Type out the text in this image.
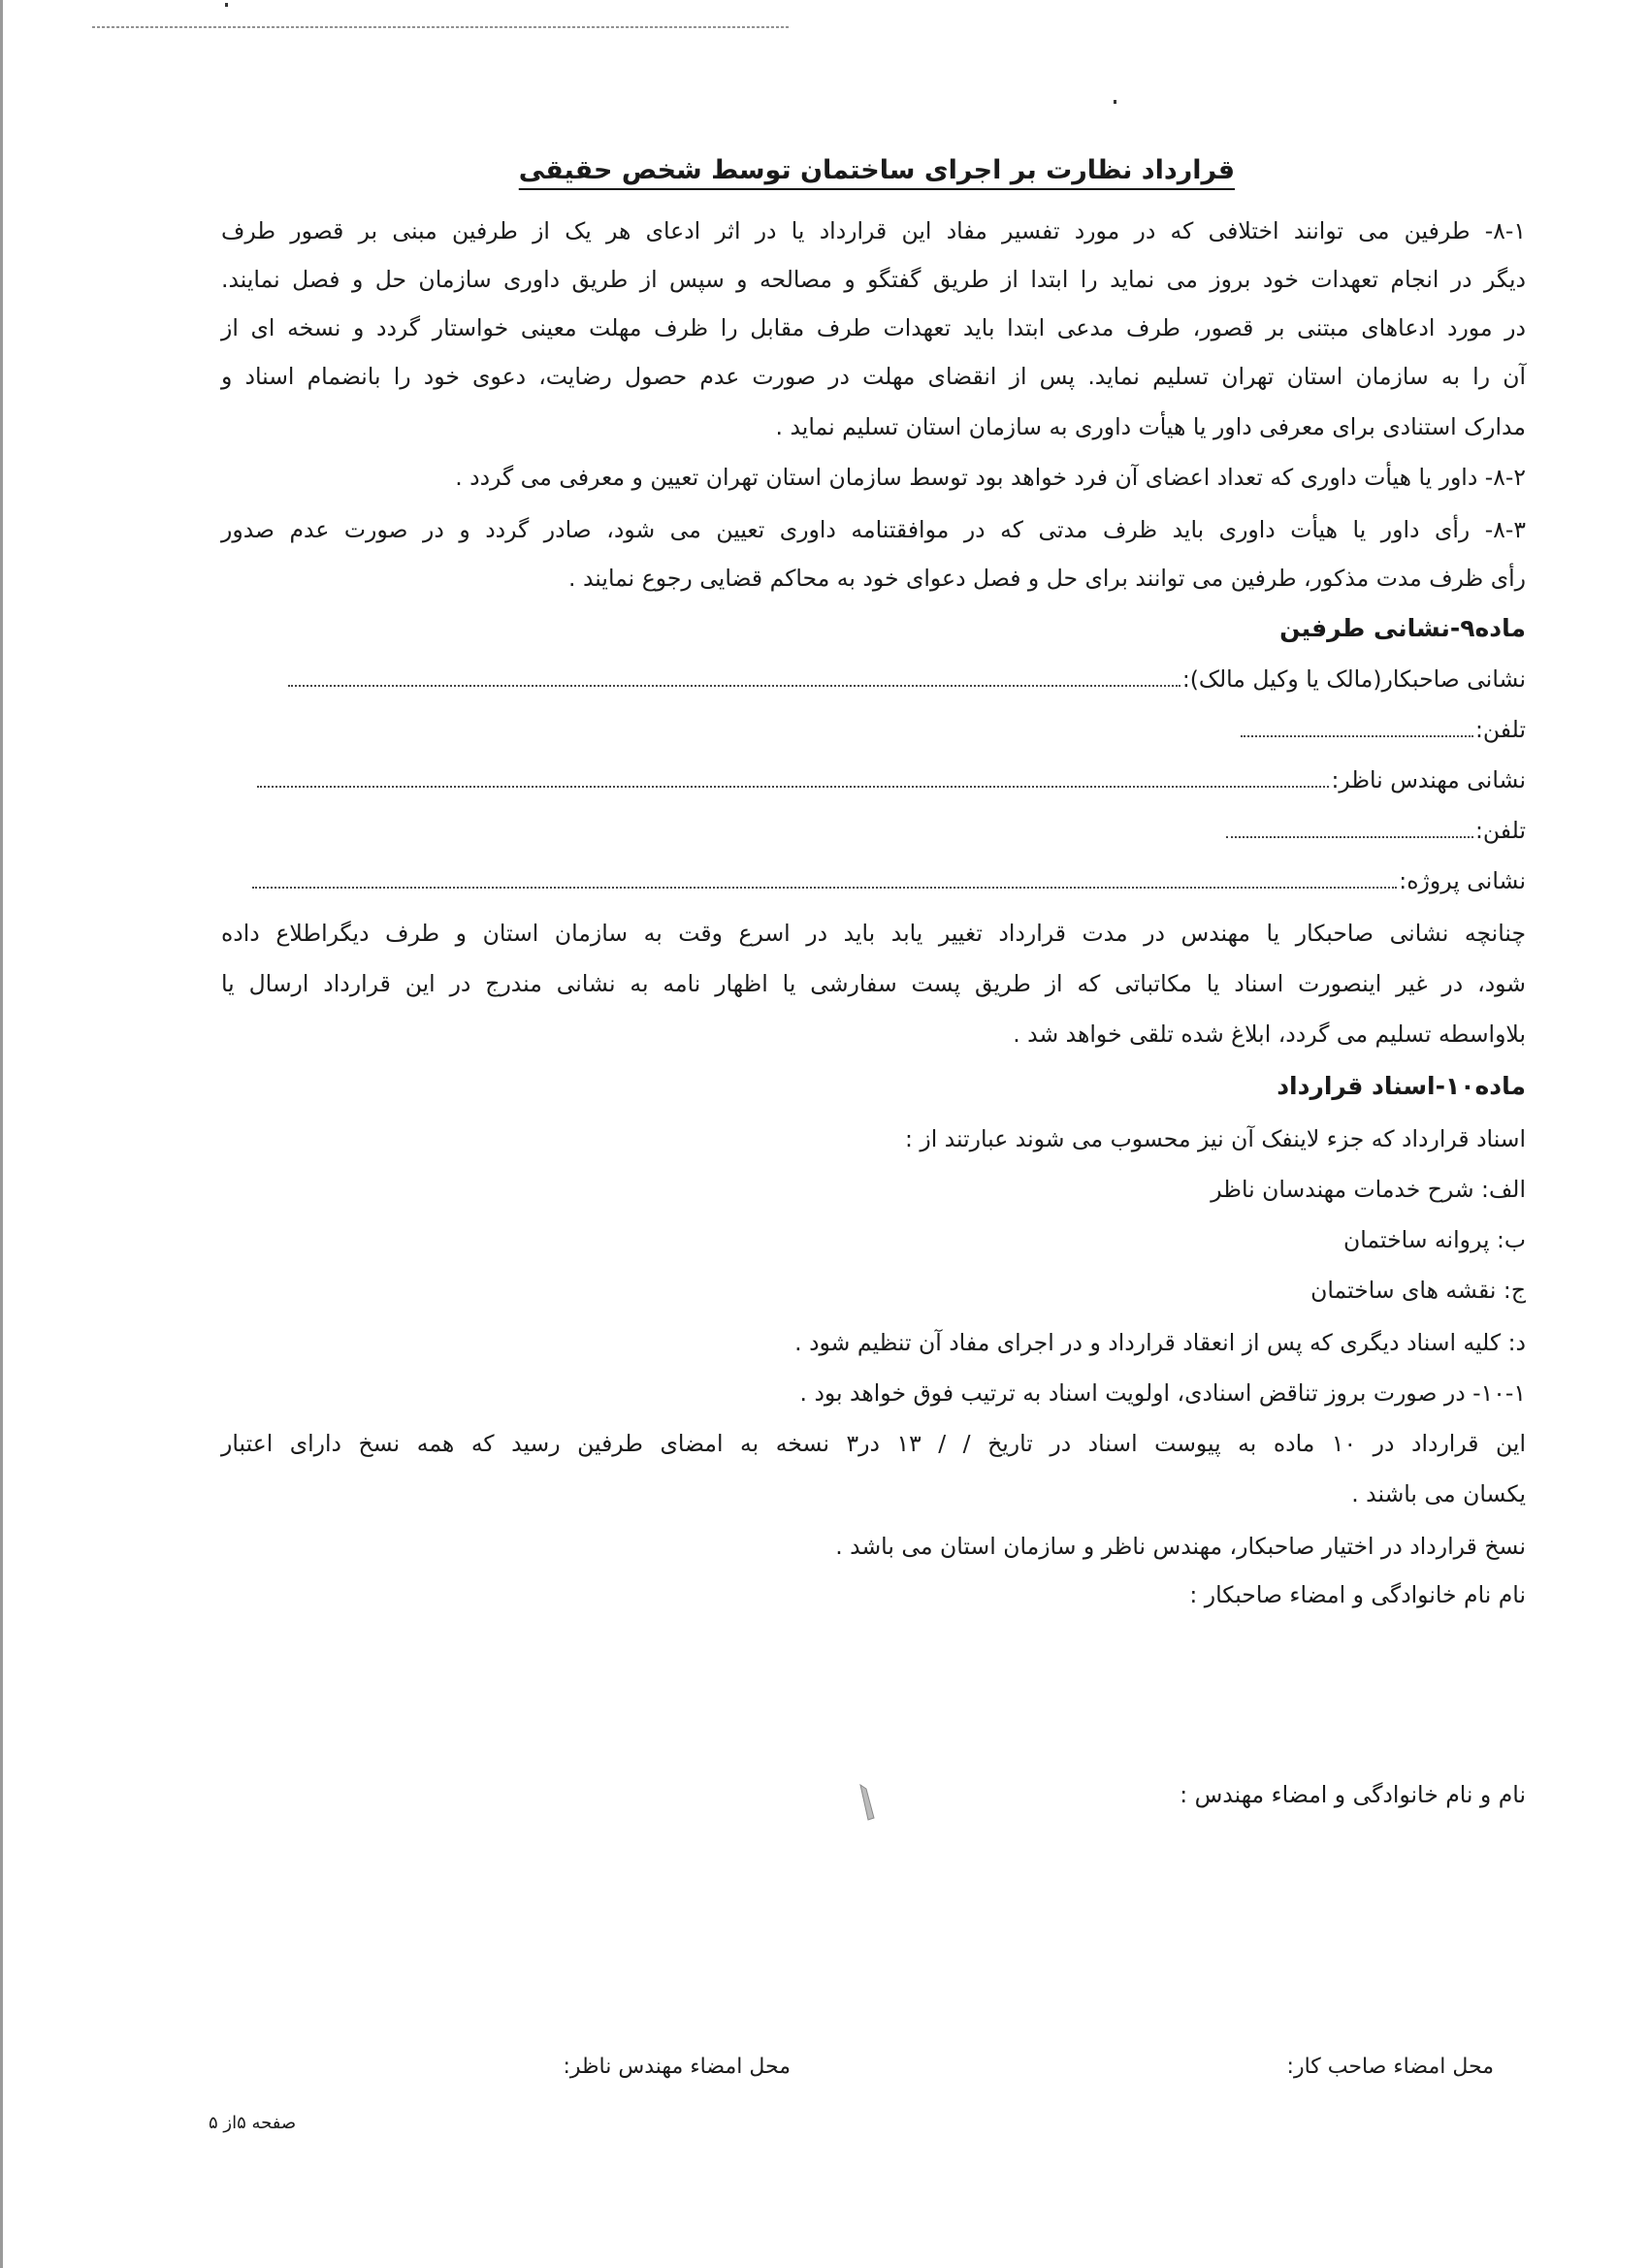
قرارداد نظارت بر اجرای ساختمان توسط شخص حقیقی
۸-۱- طرفین می توانند اختلافی که در مورد تفسیر مفاد این قرارداد یا در اثر ادعای هر یک از طرفین مبنی بر قصور طرف
دیگر در انجام تعهدات خود بروز می نماید را ابتدا از طریق گفتگو و مصالحه و سپس از طریق داوری سازمان حل و فصل نمایند.
در مورد ادعاهای مبتنی بر قصور، طرف مدعی ابتدا باید تعهدات طرف مقابل را ظرف مهلت معینی خواستار گردد و نسخه ای از
آن را به سازمان استان تهران تسلیم نماید. پس از انقضای مهلت در صورت عدم حصول رضایت، دعوی خود را بانضمام اسناد و
مدارک استنادی برای معرفی داور یا هیأت داوری به سازمان استان تسلیم نماید .
۸-۲- داور یا هیأت داوری که تعداد اعضای آن فرد خواهد بود توسط سازمان استان تهران تعیین و معرفی می گردد .
۸-۳- رأی داور یا هیأت داوری باید ظرف مدتی که در موافقتنامه داوری تعیین می شود، صادر گردد و در صورت عدم صدور
رأی ظرف مدت مذکور، طرفین می توانند برای حل و فصل دعوای خود به محاکم قضایی رجوع نمایند .
ماده۹-نشانی طرفین
نشانی صاحبکار(مالک یا وکیل مالک):
تلفن:
نشانی مهندس ناظر:
تلفن:
نشانی پروژه:
چنانچه نشانی صاحبکار یا مهندس در مدت قرارداد تغییر یابد باید در اسرع وقت به سازمان استان و طرف دیگراطلاع داده
شود، در غیر اینصورت اسناد یا مکاتباتی که از طریق پست سفارشی یا اظهار نامه به نشانی مندرج در این قرارداد ارسال یا
بلاواسطه تسلیم می گردد، ابلاغ شده تلقی خواهد شد .
ماده۱۰-اسناد قرارداد
اسناد قرارداد که جزء لاینفک آن نیز محسوب می شوند عبارتند از :
الف: شرح خدمات مهندسان ناظر
ب: پروانه ساختمان
ج: نقشه های ساختمان
د: کلیه اسناد دیگری که پس از انعقاد قرارداد و در اجرای مفاد آن تنظیم شود .
۱۰-۱- در صورت بروز تناقض اسنادی، اولویت اسناد به ترتیب فوق خواهد بود .
این قرارداد در ۱۰ ماده به پیوست اسناد در تاریخ / / ۱۳ در۳ نسخه به امضای طرفین رسید که همه نسخ دارای اعتبار
یکسان می باشند .
نسخ قرارداد در اختیار صاحبکار، مهندس ناظر و سازمان استان می باشد .
نام نام خانوادگی و امضاء صاحبکار :
نام و نام خانوادگی و امضاء مهندس :
محل امضاء صاحب کار:
محل امضاء مهندس ناظر:
صفحه ۵از ۵
